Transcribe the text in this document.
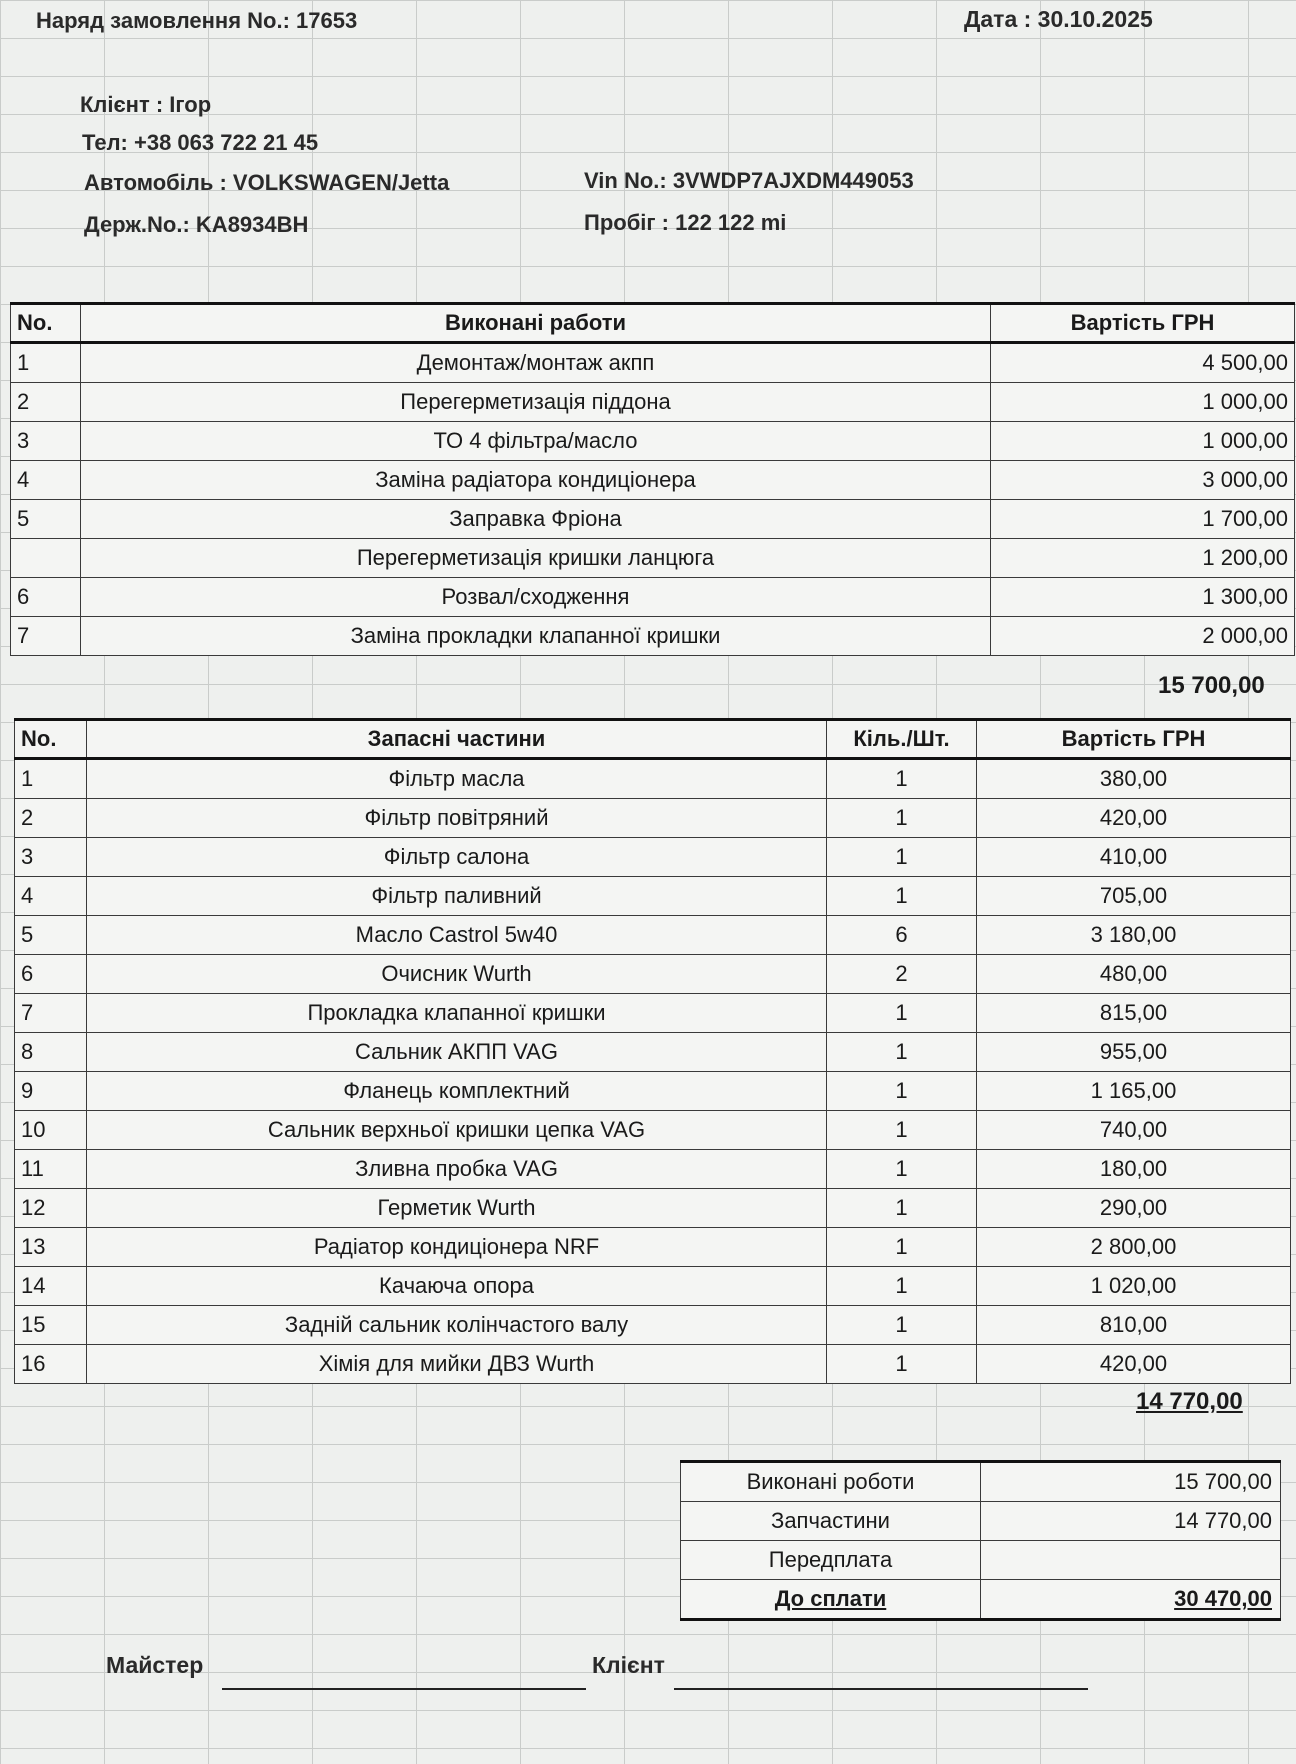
Наряд замовлення No.: 17653	Дата : 30.10.2025
Клієнт : Ігор
Тел: +38 063 722 21 45
Автомобіль : VOLKSWAGEN/Jetta
Держ.No.: KA8934BH
Vin No.: 3VWDP7AJXDM449053
Пробіг : 122 122 mi
No.	Виконані работи	Вартість ГРН
1	Демонтаж/монтаж акпп	4 500,00
2	Перегерметизація піддона	1 000,00
3	ТО 4 фільтра/масло	1 000,00
4	Заміна радіатора кондиціонера	3 000,00
5	Заправка Фріона	1 700,00
	Перегерметизація кришки ланцюга	1 200,00
6	Розвал/сходження	1 300,00
7	Заміна прокладки клапанної кришки	2 000,00
15 700,00
No.	Запасні частини	Кіль./Шт.	Вартість ГРН
1	Фільтр масла	1	380,00
2	Фільтр повітряний	1	420,00
3	Фільтр салона	1	410,00
4	Фільтр паливний	1	705,00
5	Масло Castrol 5w40	6	3 180,00
6	Очисник Wurth	2	480,00
7	Прокладка клапанної кришки	1	815,00
8	Сальник АКПП VAG	1	955,00
9	Фланець комплектний	1	1 165,00
10	Сальник верхньої кришки цепка VAG	1	740,00
11	Зливна пробка VAG	1	180,00
12	Герметик Wurth	1	290,00
13	Радіатор кондиціонера NRF	1	2 800,00
14	Качаюча опора	1	1 020,00
15	Задній сальник колінчастого валу	1	810,00
16	Хімія для мийки ДВЗ Wurth	1	420,00
14 770,00
Виконані роботи	15 700,00
Запчастини	14 770,00
Передплата	
До сплати	30 470,00
Майстер	Клієнт
